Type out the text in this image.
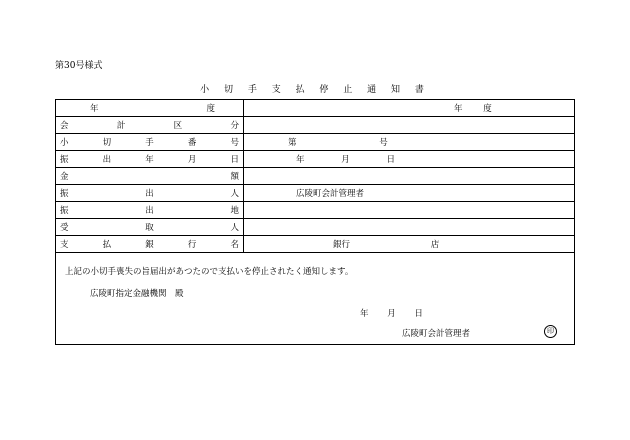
第30号様式
小 切 手 支 払 停 止 通 知 書
年 度	年 度

会 計 区 分	

小 切 手 番 号	第 号

振 出 年 月 日	年 月 日

金 額	

振 出 人	広陵町会計管理者

振 出 地	

受 取 人	

支 払 銀 行 名	銀行 店
上記の小切手喪失の旨届出があつたので支払いを停止されたく通知します。
広陵町指定金融機関　殿
年 月 日
広陵町会計管理者	印
